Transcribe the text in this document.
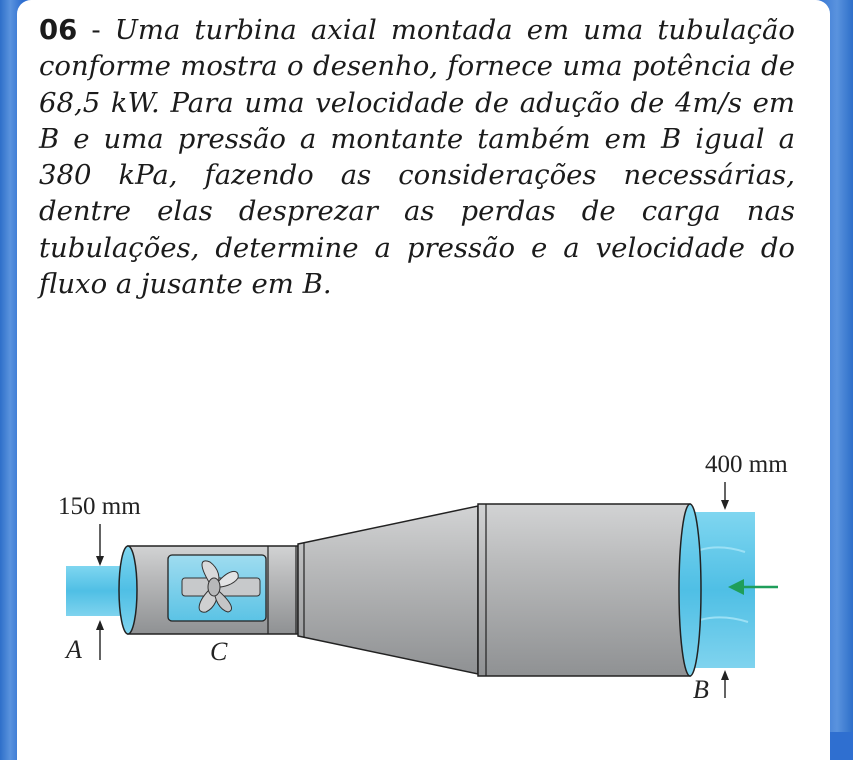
06 - Uma turbina axial montada em uma tubulação conforme mostra o desenho, fornece uma potência de 68,5 kW. Para uma velocidade de adução de 4m/s em B e uma pressão a montante também em B igual a 380 kPa, fazendo as considerações necessárias, dentre elas desprezar as perdas de carga nas tubulações, determine a pressão e a velocidade do fluxo a jusante em B.

150 mm
400 mm
A	C
B
